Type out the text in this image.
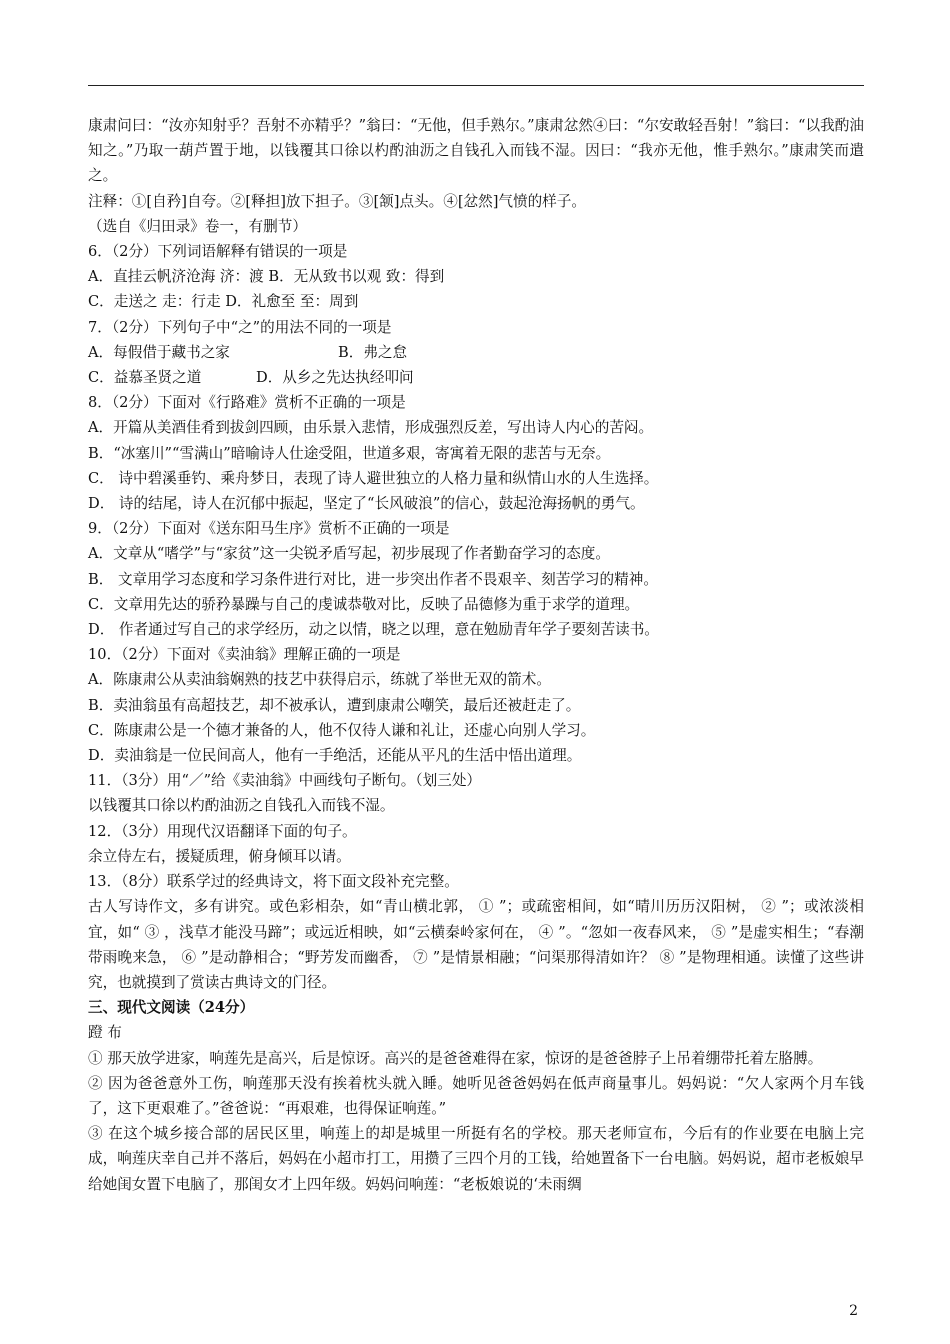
康肃问曰：“汝亦知射乎？吾射不亦精乎？”翁曰：“无他，但手熟尔。”康肃忿然④曰：“尔安敢轻吾射！”翁曰：“以我酌油知之。”乃取一葫芦置于地，以钱覆其口徐以杓酌油沥之自钱孔入而钱不湿。因曰：“我亦无他，惟手熟尔。”康肃笑而遣之。

注释：①[自矜]自夸。②[释担]放下担子。③[颔]点头。④[忿然]气愤的样子。

（选自《归田录》卷一，有删节）

6．（2分）下列词语解释有错误的一项是

A．直挂云帆济沧海 济：渡 B．无从致书以观 致：得到

C．走送之 走：行走 D．礼愈至 至：周到

7．（2分）下列句子中“之”的用法不同的一项是

A．每假借于藏书之家	B．弗之怠
C．益慕圣贤之道	D．从乡之先达执经叩问

8．（2分）下面对《行路难》赏析不正确的一项是

A．开篇从美酒佳肴到拔剑四顾，由乐景入悲情，形成强烈反差，写出诗人内心的苦闷。

B．“冰塞川”“雪满山”暗喻诗人仕途受阻，世道多艰，寄寓着无限的悲苦与无奈。

C． 诗中碧溪垂钓、乘舟梦日，表现了诗人避世独立的人格力量和纵情山水的人生选择。

D． 诗的结尾，诗人在沉郁中振起，坚定了“长风破浪”的信心，鼓起沧海扬帆的勇气。

9．（2分）下面对《送东阳马生序》赏析不正确的一项是

A．文章从“嗜学”与“家贫”这一尖锐矛盾写起，初步展现了作者勤奋学习的态度。

B． 文章用学习态度和学习条件进行对比，进一步突出作者不畏艰辛、刻苦学习的精神。

C．文章用先达的骄矜暴躁与自己的虔诚恭敬对比，反映了品德修为重于求学的道理。

D． 作者通过写自己的求学经历，动之以情，晓之以理，意在勉励青年学子要刻苦读书。

10．（2分）下面对《卖油翁》理解正确的一项是

A．陈康肃公从卖油翁娴熟的技艺中获得启示，练就了举世无双的箭术。

B．卖油翁虽有高超技艺，却不被承认，遭到康肃公嘲笑，最后还被赶走了。

C．陈康肃公是一个德才兼备的人，他不仅待人谦和礼让，还虚心向别人学习。

D．卖油翁是一位民间高人，他有一手绝活，还能从平凡的生活中悟出道理。

11．（3分）用“／”给《卖油翁》中画线句子断句。（划三处）

以钱覆其口徐以杓酌油沥之自钱孔入而钱不湿。

12．（3分）用现代汉语翻译下面的句子。

余立侍左右，援疑质理，俯身倾耳以请。

13．（8分）联系学过的经典诗文，将下面文段补充完整。

古人写诗作文，多有讲究。或色彩相杂，如“青山横北郭， ① ”；或疏密相间，如“晴川历历汉阳树， ② ”；或浓淡相宜，如“ ③ ，浅草才能没马蹄”；或远近相映，如“云横秦岭家何在， ④ ”。“忽如一夜春风来， ⑤ ”是虚实相生；“春潮带雨晚来急， ⑥ ”是动静相合；“野芳发而幽香， ⑦ ”是情景相融；“问渠那得清如许？ ⑧ ”是物理相通。读懂了这些讲究，也就摸到了赏读古典诗文的门径。

三、现代文阅读（24分）

蹬 布

① 那天放学进家，响莲先是高兴，后是惊讶。高兴的是爸爸难得在家，惊讶的是爸爸脖子上吊着绷带托着左胳膊。

② 因为爸爸意外工伤，响莲那天没有挨着枕头就入睡。她听见爸爸妈妈在低声商量事儿。妈妈说：“欠人家两个月车钱了，这下更艰难了。”爸爸说：“再艰难，也得保证响莲。”

③ 在这个城乡接合部的居民区里，响莲上的却是城里一所挺有名的学校。那天老师宣布，今后有的作业要在电脑上完成，响莲庆幸自己并不落后，妈妈在小超市打工，用攒了三四个月的工钱，给她置备下一台电脑。妈妈说，超市老板娘早给她闺女置下电脑了，那闺女才上四年级。妈妈问响莲：“老板娘说的‘未雨绸

2
